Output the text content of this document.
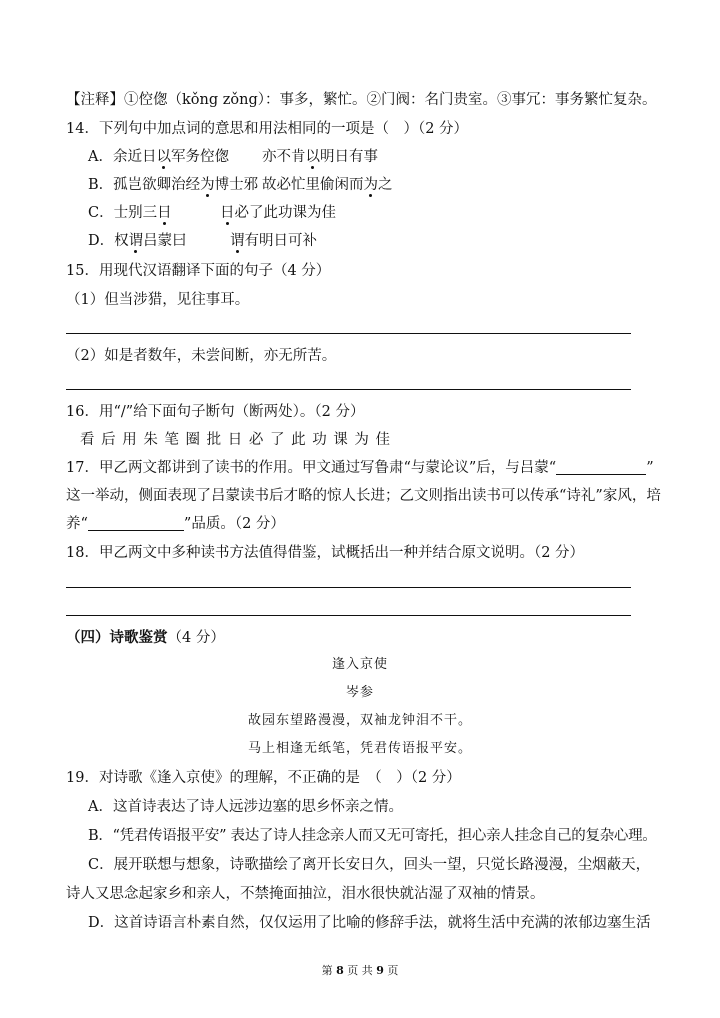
【注释】①倥偬（kǒng zǒng）：事多，繁忙。②门阀：名门贵室。③事冗：事务繁忙复杂。
14．下列句中加点词的意思和用法相同的一项是（　）（2 分）
A．余近日以军务倥偬 亦不肯以明日有事
B．孤岂欲卿治经为博士邪 故必忙里偷闲而为之
C．士别三日	日必了此功课为佳
D．权谓吕蒙曰	谓有明日可补
15．用现代汉语翻译下面的句子（4 分）
（1）但当涉猎，见往事耳。
（2）如是者数年，未尝间断，亦无所苦。
16．用“/”给下面句子断句（断两处）。（2 分）
看 后 用 朱 笔 圈 批 日 必 了 此 功 课 为 佳
17．甲乙两文都讲到了读书的作用。甲文通过写鲁肃“与蒙论议”后，与吕蒙“	”
这一举动，侧面表现了吕蒙读书后才略的惊人长进；乙文则指出读书可以传承“诗礼”家风，培
养“	”品质。（2 分）
18．甲乙两文中多种读书方法值得借鉴，试概括出一种并结合原文说明。（2 分）
（四）诗歌鉴赏（4 分）
逢入京使
岑参
故园东望路漫漫，双袖龙钟泪不干。
马上相逢无纸笔，凭君传语报平安。
19．对诗歌《逢入京使》的理解，不正确的是　（　）（2 分）
A．这首诗表达了诗人远涉边塞的思乡怀亲之情。
B．“凭君传语报平安” 表达了诗人挂念亲人而又无可寄托，担心亲人挂念自己的复杂心理。
C．展开联想与想象，诗歌描绘了离开长安日久，回头一望，只觉长路漫漫，尘烟蔽天，
诗人又思念起家乡和亲人，不禁掩面抽泣，泪水很快就沾湿了双袖的情景。
D．这首诗语言朴素自然，仅仅运用了比喻的修辞手法，就将生活中充满的浓郁边塞生活
第 8 页 共 9 页
